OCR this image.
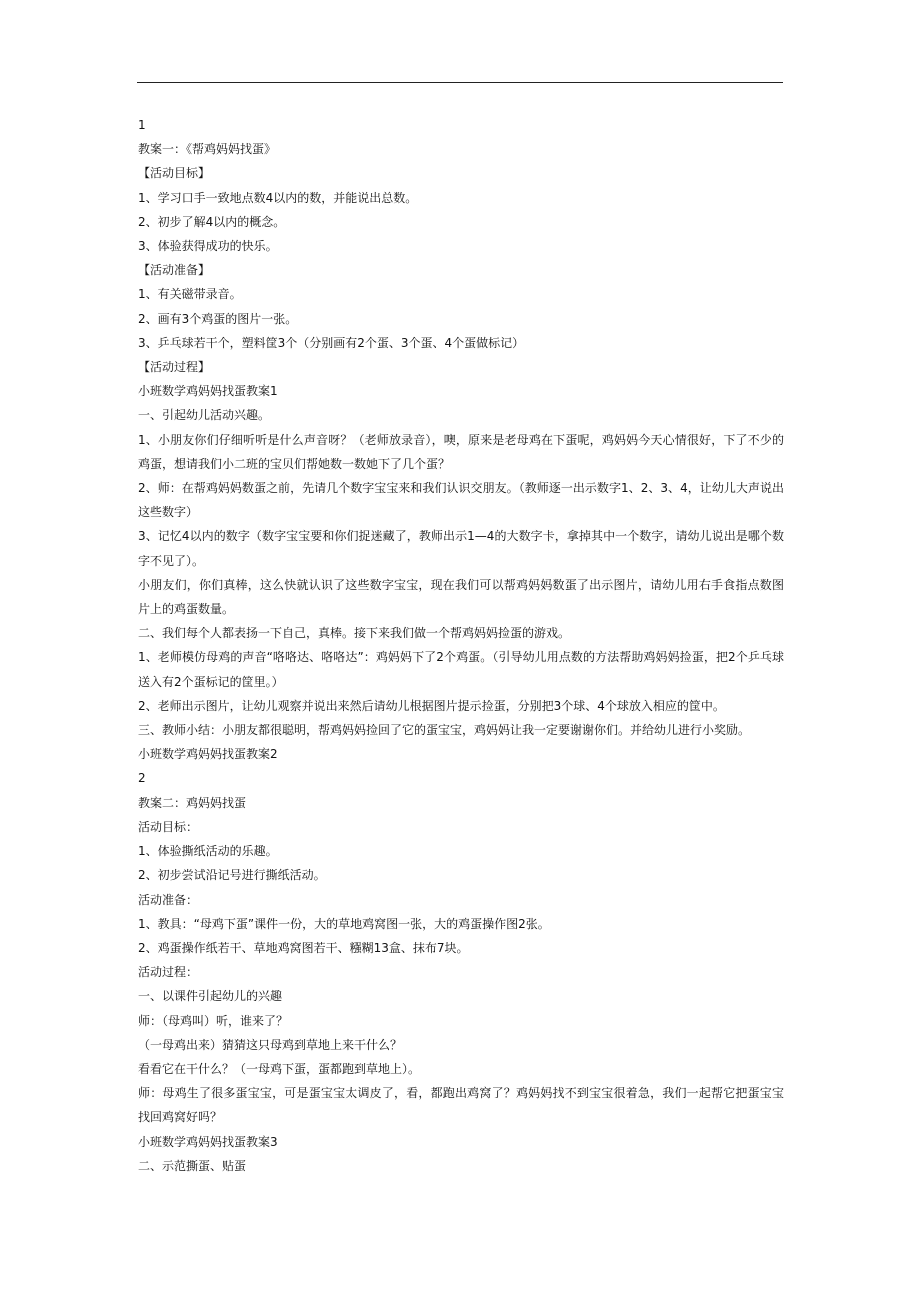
1
教案一：《帮鸡妈妈找蛋》
【活动目标】
1、学习口手一致地点数4以内的数，并能说出总数。
2、初步了解4以内的概念。
3、体验获得成功的快乐。
【活动准备】
1、有关磁带录音。
2、画有3个鸡蛋的图片一张。
3、乒乓球若干个，塑料筐3个（分别画有2个蛋、3个蛋、4个蛋做标记）
【活动过程】
小班数学鸡妈妈找蛋教案1
一、引起幼儿活动兴趣。
1、小朋友你们仔细听听是什么声音呀？（老师放录音），噢，原来是老母鸡在下蛋呢，鸡妈妈今天心情很好，下了不少的鸡蛋，想请我们小二班的宝贝们帮她数一数她下了几个蛋？
2、师：在帮鸡妈妈数蛋之前，先请几个数字宝宝来和我们认识交朋友。（教师逐一出示数字1、2、3、4，让幼儿大声说出这些数字）
3、记忆4以内的数字（数字宝宝要和你们捉迷藏了，教师出示1—4的大数字卡，拿掉其中一个数字，请幼儿说出是哪个数字不见了）。
小朋友们，你们真棒，这么快就认识了这些数字宝宝，现在我们可以帮鸡妈妈数蛋了出示图片，请幼儿用右手食指点数图片上的鸡蛋数量。
二、我们每个人都表扬一下自己，真棒。接下来我们做一个帮鸡妈妈捡蛋的游戏。
1、老师模仿母鸡的声音“咯咯达、咯咯达”：鸡妈妈下了2个鸡蛋。（引导幼儿用点数的方法帮助鸡妈妈捡蛋，把2个乒乓球送入有2个蛋标记的筐里。）
2、老师出示图片，让幼儿观察并说出来然后请幼儿根据图片提示捡蛋，分别把3个球、4个球放入相应的筐中。
三、教师小结：小朋友都很聪明，帮鸡妈妈捡回了它的蛋宝宝，鸡妈妈让我一定要谢谢你们。并给幼儿进行小奖励。
小班数学鸡妈妈找蛋教案2
2
教案二：鸡妈妈找蛋
活动目标：
1、体验撕纸活动的乐趣。
2、初步尝试沿记号进行撕纸活动。
活动准备：
1、教具：“母鸡下蛋”课件一份，大的草地鸡窝图一张，大的鸡蛋操作图2张。
2、鸡蛋操作纸若干、草地鸡窝图若干、糨糊13盒、抹布7块。
活动过程：
一、以课件引起幼儿的兴趣
师：（母鸡叫）听，谁来了？
（一母鸡出来）猜猜这只母鸡到草地上来干什么？
看看它在干什么？（一母鸡下蛋，蛋都跑到草地上）。
师：母鸡生了很多蛋宝宝，可是蛋宝宝太调皮了，看，都跑出鸡窝了？鸡妈妈找不到宝宝很着急，我们一起帮它把蛋宝宝找回鸡窝好吗？
小班数学鸡妈妈找蛋教案3
二、示范撕蛋、贴蛋
